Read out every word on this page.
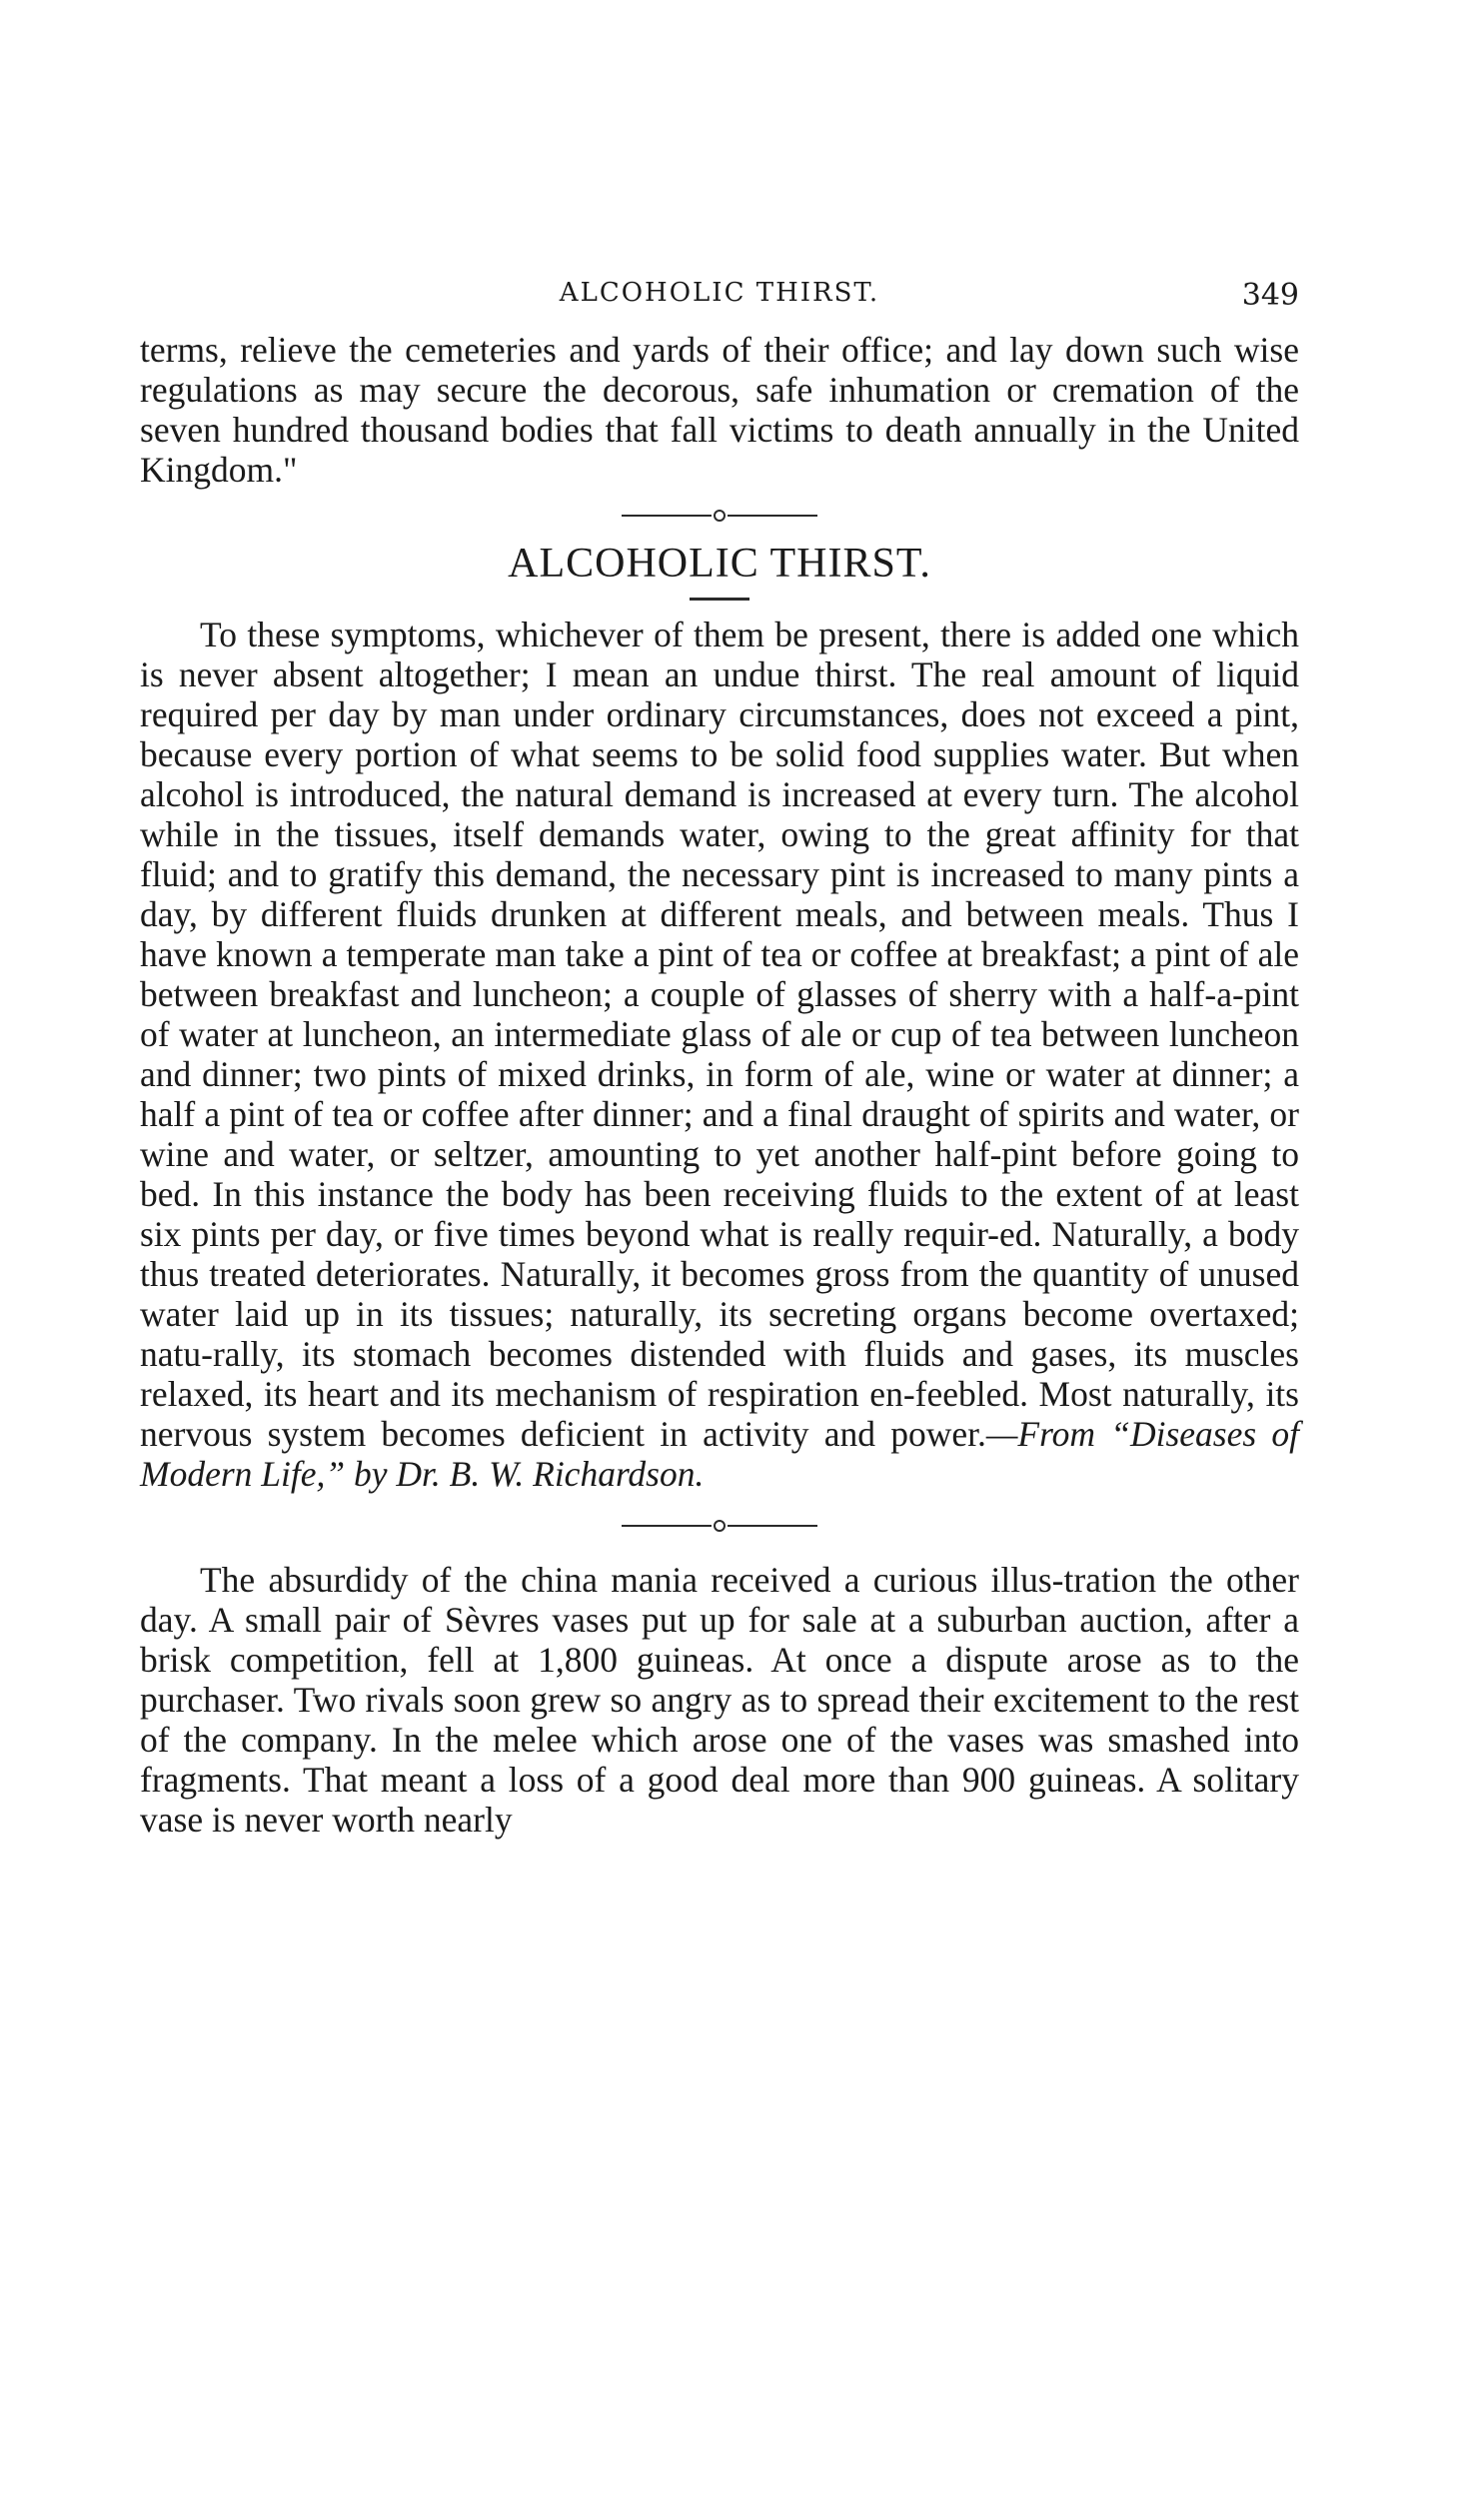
ALCOHOLIC THIRST.	349

terms, relieve the cemeteries and yards of their office; and lay down such wise regulations as may secure the decorous, safe inhumation or cremation of the seven hundred thousand bodies that fall victims to death annually in the United Kingdom."

ALCOHOLIC THIRST.

To these symptoms, whichever of them be present, there is added one which is never absent altogether; I mean an undue thirst. The real amount of liquid required per day by man under ordinary circumstances, does not exceed a pint, because every portion of what seems to be solid food supplies water. But when alcohol is introduced, the natural demand is increased at every turn. The alcohol while in the tissues, itself demands water, owing to the great affinity for that fluid; and to gratify this demand, the necessary pint is increased to many pints a day, by different fluids drunken at different meals, and between meals. Thus I have known a temperate man take a pint of tea or coffee at breakfast; a pint of ale between breakfast and luncheon; a couple of glasses of sherry with a half-a-pint of water at luncheon, an intermediate glass of ale or cup of tea between luncheon and dinner; two pints of mixed drinks, in form of ale, wine or water at dinner; a half a pint of tea or coffee after dinner; and a final draught of spirits and water, or wine and water, or seltzer, amounting to yet another half-pint before going to bed. In this instance the body has been receiving fluids to the extent of at least six pints per day, or five times beyond what is really requir-ed. Naturally, a body thus treated deteriorates. Naturally, it becomes gross from the quantity of unused water laid up in its tissues; naturally, its secreting organs become overtaxed; natu-rally, its stomach becomes distended with fluids and gases, its muscles relaxed, its heart and its mechanism of respiration en-feebled. Most naturally, its nervous system becomes deficient in activity and power.—From “Diseases of Modern Life,” by Dr. B. W. Richardson.

The absurdidy of the china mania received a curious illus-tration the other day. A small pair of Sèvres vases put up for sale at a suburban auction, after a brisk competition, fell at 1,800 guineas. At once a dispute arose as to the purchaser. Two rivals soon grew so angry as to spread their excitement to the rest of the company. In the melee which arose one of the vases was smashed into fragments. That meant a loss of a good deal more than 900 guineas. A solitary vase is never worth nearly
